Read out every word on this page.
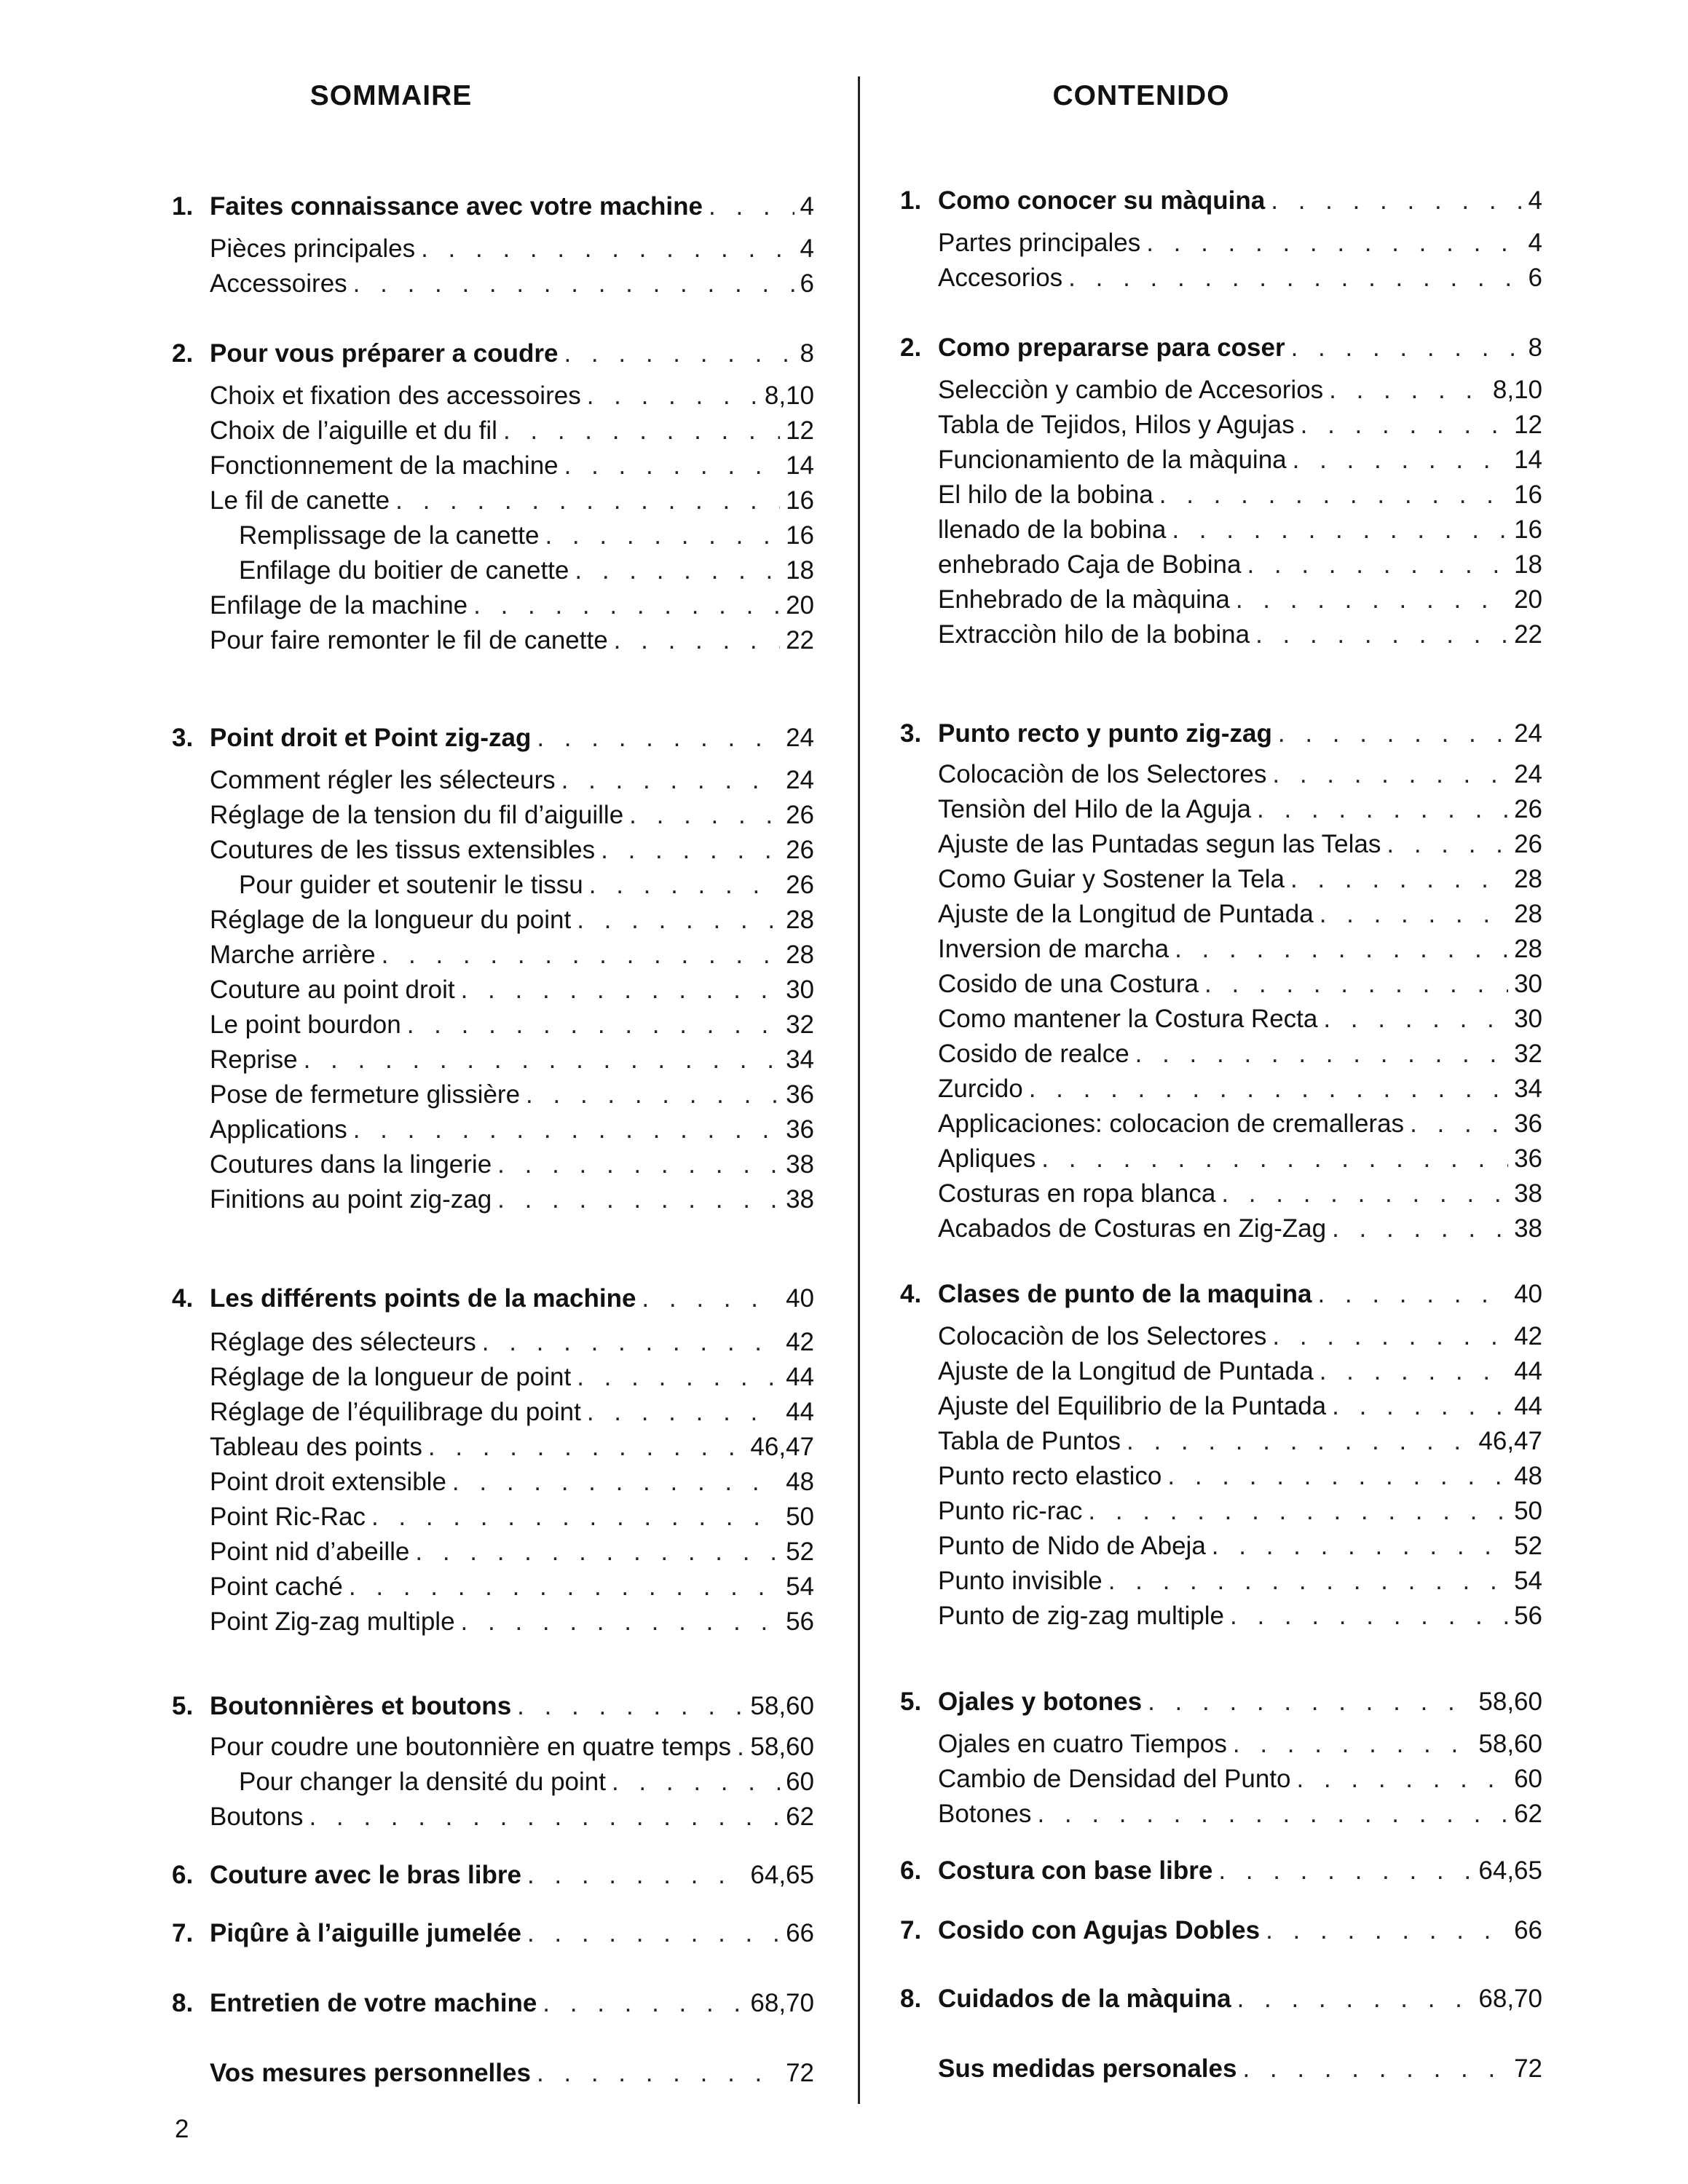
SOMMAIRE
1. Faites connaissance avec votre machine . . .	4
Pièces principales . . .	4
Accessoires . . .	6
2. Pour vous préparer a coudre . . .	8
Choix et fixation des accessoires . . .	8,10
Choix de l’aiguille et du fil . . .	12
Fonctionnement de la machine . . .	14
Le fil de canette . . .	16
Remplissage de la canette . . .	16
Enfilage du boitier de canette . . .	18
Enfilage de la machine . . .	20
Pour faire remonter le fil de canette . . .	22
3. Point droit et Point zig-zag . . .	24
Comment régler les sélecteurs . . .	24
Réglage de la tension du fil d’aiguille . . .	26
Coutures de les tissus extensibles . . .	26
Pour guider et soutenir le tissu . . .	26
Réglage de la longueur du point . . .	28
Marche arrière . . .	28
Couture au point droit . . .	30
Le point bourdon . . .	32
Reprise . . .	34
Pose de fermeture glissière . . .	36
Applications . . .	36
Coutures dans la lingerie . . .	38
Finitions au point zig-zag . . .	38
4. Les différents points de la machine . . .	40
Réglage des sélecteurs . . .	42
Réglage de la longueur de point . . .	44
Réglage de l’équilibrage du point . . .	44
Tableau des points . . .	46,47
Point droit extensible . . .	48
Point Ric-Rac . . .	50
Point nid d’abeille . . .	52
Point caché . . .	54
Point Zig-zag multiple . . .	56
5. Boutonnières et boutons . . .	58,60
Pour coudre une boutonnière en quatre temps . . . 58,60
Pour changer la densité du point . . .	60
Boutons . . .	62
6. Couture avec le bras libre . . .	64,65
7. Piqûre à l’aiguille jumelée . . .	66
8. Entretien de votre machine . . .	68,70
Vos mesures personnelles . . .	72
CONTENIDO
1. Como conocer su màquina . . .	4
Partes principales . . .	4
Accesorios . . .	6
2. Como prepararse para coser . . .	8
Selecciòn y cambio de Accesorios . . .	8,10
Tabla de Tejidos, Hilos y Agujas . . .	12
Funcionamiento de la màquina . . .	14
El hilo de la bobina . . .	16
llenado de la bobina . . .	16
enhebrado Caja de Bobina . . .	18
Enhebrado de la màquina . . .	20
Extracciòn hilo de la bobina . . .	22
3. Punto recto y punto zig-zag . . .	24
Colocaciòn de los Selectores . . .	24
Tensiòn del Hilo de la Aguja . . .	26
Ajuste de las Puntadas segun las Telas . . .	26
Como Guiar y Sostener la Tela . . .	28
Ajuste de la Longitud de Puntada . . .	28
Inversion de marcha . . .	28
Cosido de una Costura . . .	30
Como mantener la Costura Recta . . .	30
Cosido de realce . . .	32
Zurcido . . .	34
Applicaciones: colocacion de cremalleras . . .	36
Apliques . . .	36
Costuras en ropa blanca . . .	38
Acabados de Costuras en Zig-Zag . . .	38
4. Clases de punto de la maquina . . .	40
Colocaciòn de los Selectores . . .	42
Ajuste de la Longitud de Puntada . . .	44
Ajuste del Equilibrio de la Puntada . . .	44
Tabla de Puntos . . .	46,47
Punto recto elastico . . .	48
Punto ric-rac . . .	50
Punto de Nido de Abeja . . .	52
Punto invisible . . .	54
Punto de zig-zag multiple . . .	56
5. Ojales y botones . . .	58,60
Ojales en cuatro Tiempos . . .	58,60
Cambio de Densidad del Punto . . .	60
Botones . . .	62
6. Costura con base libre . . .	64,65
7. Cosido con Agujas Dobles . . .	66
8. Cuidados de la màquina . . .	68,70
Sus medidas personales . . .	72
2
